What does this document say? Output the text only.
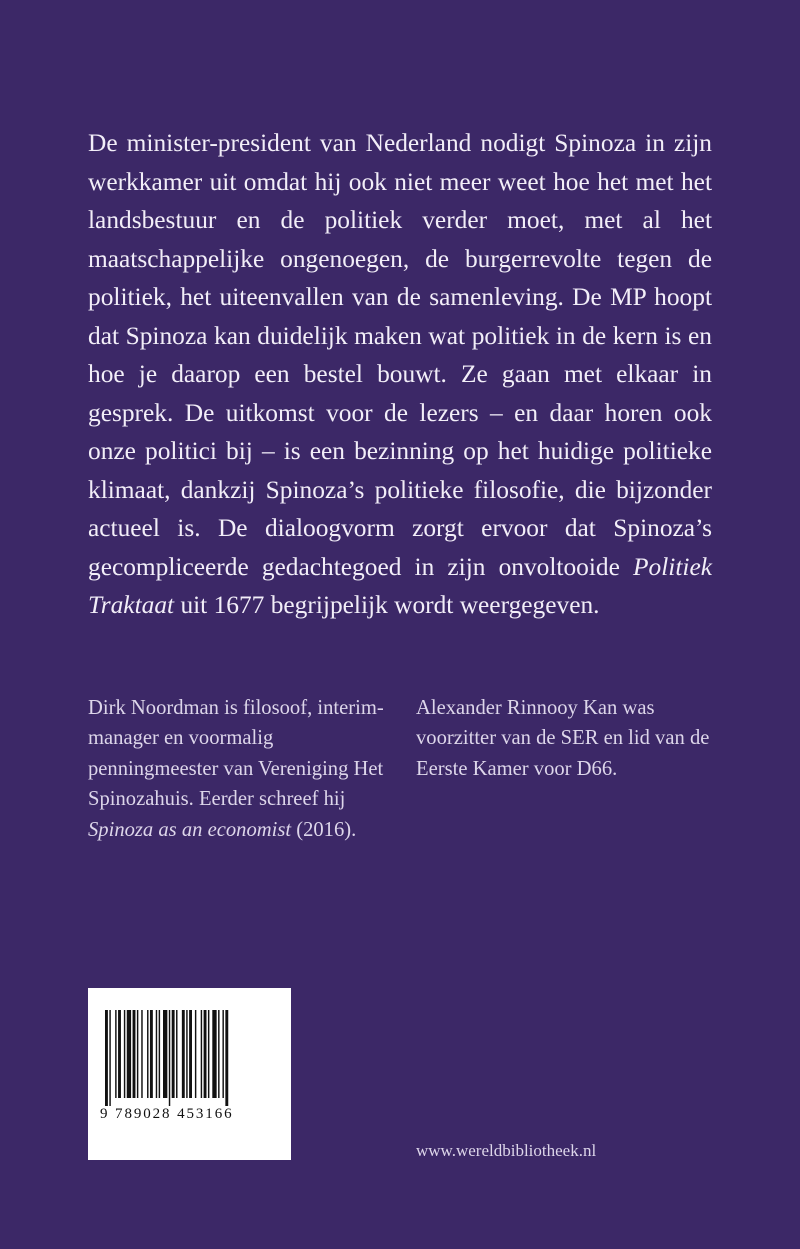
De minister-president van Nederland nodigt Spinoza in zijn werkkamer uit omdat hij ook niet meer weet hoe het met het landsbestuur en de politiek verder moet, met al het maatschappelijke ongenoegen, de burgerrevolte tegen de politiek, het uiteenvallen van de samenleving. De MP hoopt dat Spinoza kan duidelijk maken wat politiek in de kern is en hoe je daarop een bestel bouwt. Ze gaan met elkaar in gesprek. De uitkomst voor de lezers – en daar horen ook onze politici bij – is een bezinning op het huidige politieke klimaat, dankzij Spinoza’s politieke filosofie, die bijzonder actueel is. De dialoogvorm zorgt ervoor dat Spinoza’s gecompliceerde gedachtegoed in zijn onvoltooide Politiek Traktaat uit 1677 begrijpelijk wordt weergegeven.

Dirk Noordman is filosoof, interim-manager en voormalig penningmeester van Vereniging Het Spinozahuis. Eerder schreef hij Spinoza as an economist (2016).

Alexander Rinnooy Kan was voorzitter van de SER en lid van de Eerste Kamer voor D66.

9 789028 453166
www.wereldbibliotheek.nl
